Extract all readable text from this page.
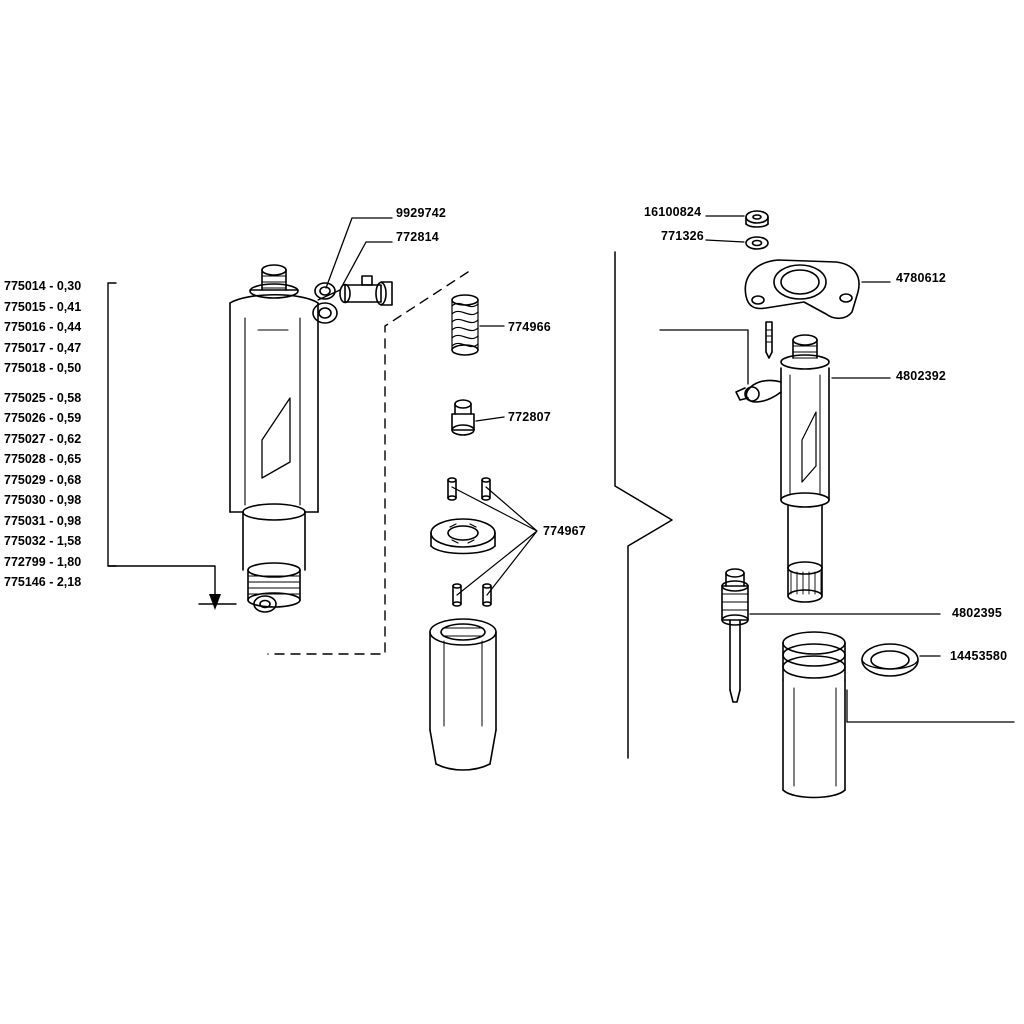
775014 - 0,30
775015 - 0,41
775016 - 0,44
775017 - 0,47
775018 - 0,50
775025 - 0,58
775026 - 0,59
775027 - 0,62
775028 - 0,65
775029 - 0,68
775030 - 0,98
775031 - 0,98
775032 - 1,58
772799 - 1,80
775146 - 2,18
9929742
772814
774966
772807
774967
16100824
771326
4780612
4802392
4802395
14453580
